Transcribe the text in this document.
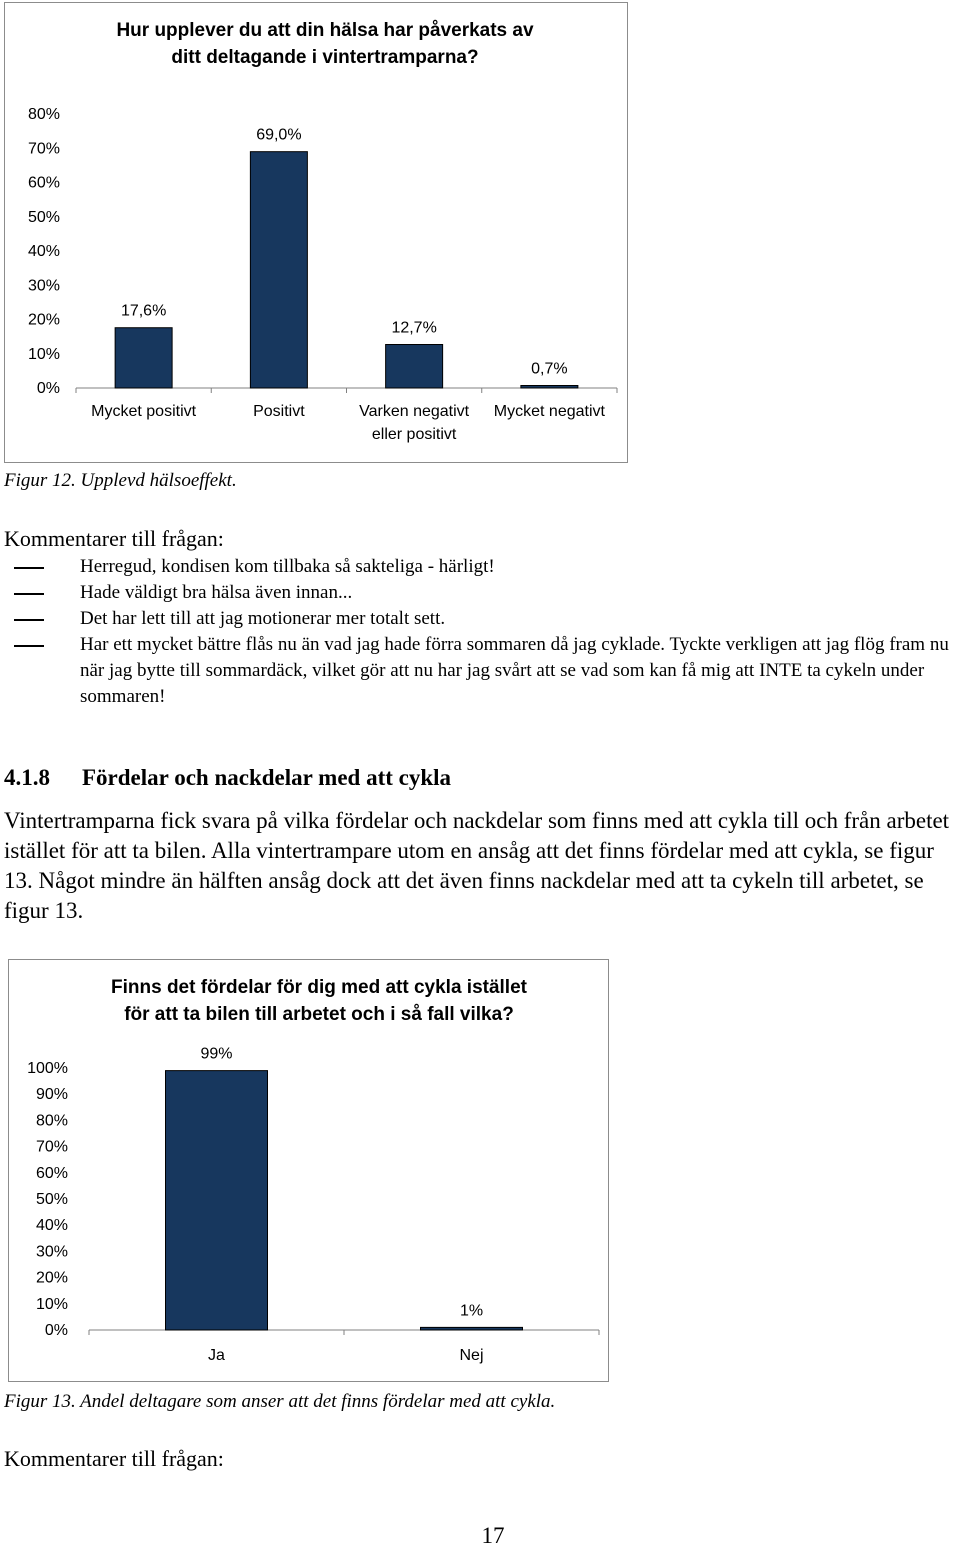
Hur upplever du att din hälsa har påverkats av
ditt deltagande i vintertramparna?
0%
10%
20%
30%
40%
50%
60%
70%
80%
17,6%
Mycket positivt
69,0%
Positivt
12,7%
Varken negativt
eller positivt
0,7%
Mycket negativt
Figur 12. Upplevd hälsoeffekt.
Kommentarer till frågan:
Herregud, kondisen kom tillbaka så sakteliga - härligt!
Hade väldigt bra hälsa även innan...
Det har lett till att jag motionerar mer totalt sett.
Har ett mycket bättre flås nu än vad jag hade förra sommaren då jag cyklade. Tyckte verkligen att jag flög fram nu när jag bytte till sommardäck, vilket gör att nu har jag svårt att se vad som kan få mig att INTE ta cykeln under sommaren!
4.1.8 Fördelar och nackdelar med att cykla

Vintertramparna fick svara på vilka fördelar och nackdelar som finns med att cykla till och från arbetet istället för att ta bilen. Alla vintertrampare utom en ansåg att det finns fördelar med att cykla, se figur 13. Något mindre än hälften ansåg dock att det även finns nackdelar med att ta cykeln till arbetet, se figur 13.

Finns det fördelar för dig med att cykla istället
för att ta bilen till arbetet och i så fall vilka?
0%
10%
20%
30%
40%
50%
60%
70%
80%
90%
100%
99%
Ja
1%
Nej
Figur 13. Andel deltagare som anser att det finns fördelar med att cykla.
Kommentarer till frågan:
17
